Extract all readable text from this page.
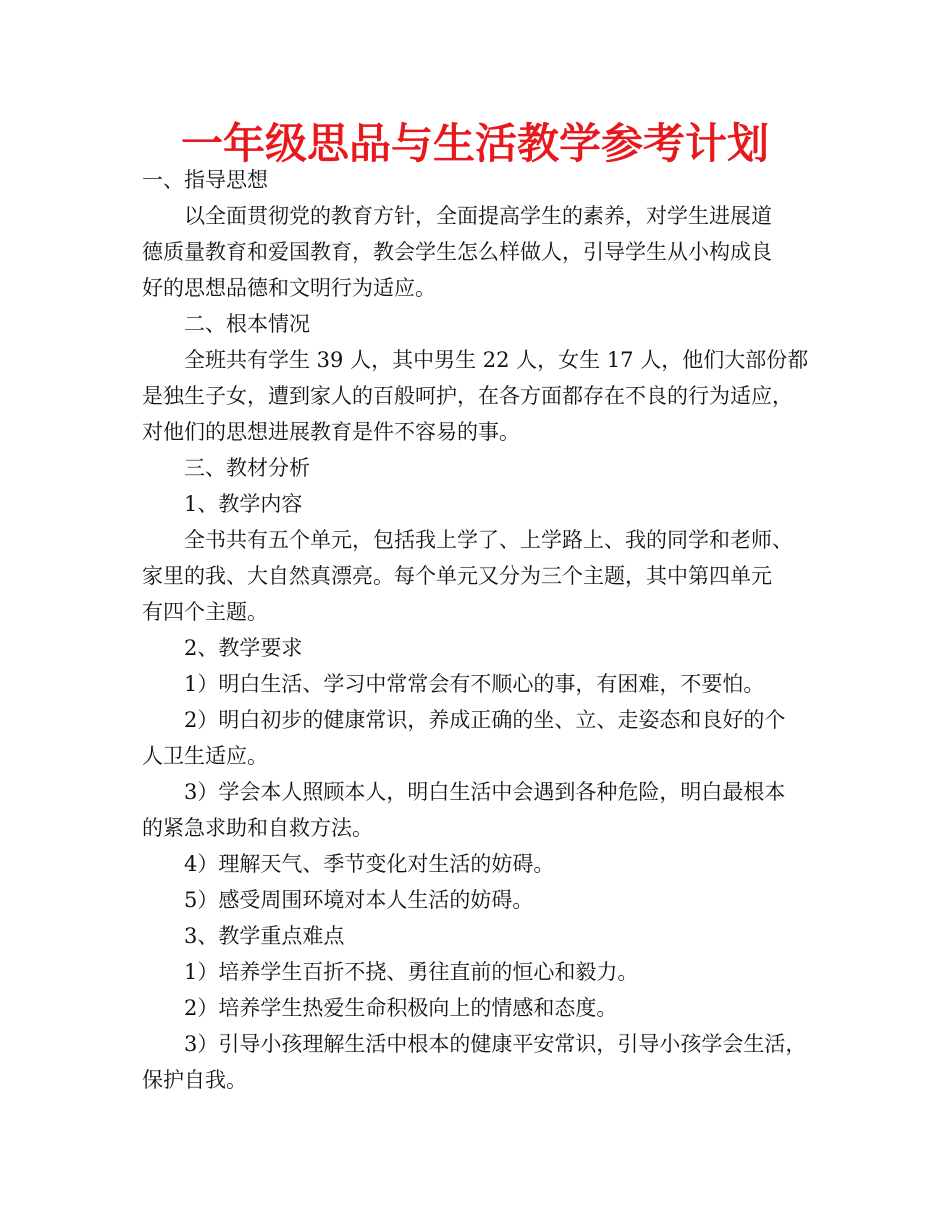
一年级思品与生活教学参考计划

一、指导思想

以全面贯彻党的教育方针，全面提高学生的素养，对学生进展道

德质量教育和爱国教育，教会学生怎么样做人，引导学生从小构成良

好的思想品德和文明行为适应。

二、根本情况

全班共有学生 39 人，其中男生 22 人，女生 17 人，他们大部份都

是独生子女，遭到家人的百般呵护，在各方面都存在不良的行为适应，

对他们的思想进展教育是件不容易的事。

三、教材分析

1、教学内容

全书共有五个单元，包括我上学了、上学路上、我的同学和老师、

家里的我、大自然真漂亮。每个单元又分为三个主题，其中第四单元

有四个主题。

2、教学要求

1）明白生活、学习中常常会有不顺心的事，有困难，不要怕。

2）明白初步的健康常识，养成正确的坐、立、走姿态和良好的个

人卫生适应。

3）学会本人照顾本人，明白生活中会遇到各种危险，明白最根本

的紧急求助和自救方法。

4）理解天气、季节变化对生活的妨碍。

5）感受周围环境对本人生活的妨碍。

3、教学重点难点

1）培养学生百折不挠、勇往直前的恒心和毅力。

2）培养学生热爱生命积极向上的情感和态度。

3）引导小孩理解生活中根本的健康平安常识，引导小孩学会生活，

保护自我。
